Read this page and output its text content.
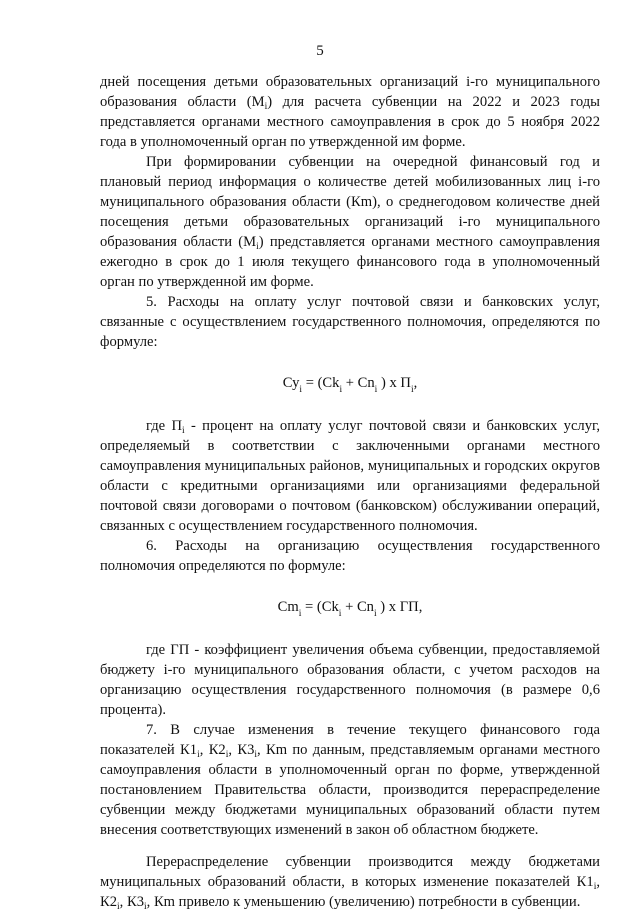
5

дней посещения детьми образовательных организаций i-го муниципального образования области $(М_i)$ для расчета субвенции на 2022 и 2023 годы представляется органами местного самоуправления в срок до 5 ноября 2022 года в уполномоченный орган по утвержденной им форме.

При формировании субвенции на очередной финансовый год и плановый период информация о количестве детей мобилизованных лиц i-го муниципального образования области (Кm), о среднегодовом количестве дней посещения детьми образовательных организаций i-го муниципального образования области $(М_i)$ представляется органами местного самоуправления ежегодно в срок до 1 июля текущего финансового года в уполномоченный орган по утвержденной им форме.

5. Расходы на оплату услуг почтовой связи и банковских услуг, связанные с осуществлением государственного полномочия, определяются по формуле:

$Су_i = (Сk_i + Сn_i$ ) х $П_i$,

где $П_i$ - процент на оплату услуг почтовой связи и банковских услуг, определяемый в соответствии с заключенными органами местного самоуправления муниципальных районов, муниципальных и городских округов области с кредитными организациями или организациями федеральной почтовой связи договорами о почтовом (банковском) обслуживании операций, связанных с осуществлением государственного полномочия.

6. Расходы на организацию осуществления государственного полномочия определяются по формуле:

$Сm_i = (Сk_i + Сn_i$ ) х ГП,

где ГП - коэффициент увеличения объема субвенции, предоставляемой бюджету i-го муниципального образования области, с учетом расходов на организацию осуществления государственного полномочия (в размере 0,6 процента).

7. В случае изменения в течение текущего финансового года показателей $К1_i$, $К2_i$, $К3_i$, Кm по данным, представляемым органами местного самоуправления области в уполномоченный орган по форме, утвержденной постановлением Правительства области, производится перераспределение субвенции между бюджетами муниципальных образований области путем внесения соответствующих изменений в закон об областном бюджете.

Перераспределение субвенции производится между бюджетами муниципальных образований области, в которых изменение показателей $К1_i$, $К2_i$, $К3_i$, Кm привело к уменьшению (увеличению) потребности в субвенции.
